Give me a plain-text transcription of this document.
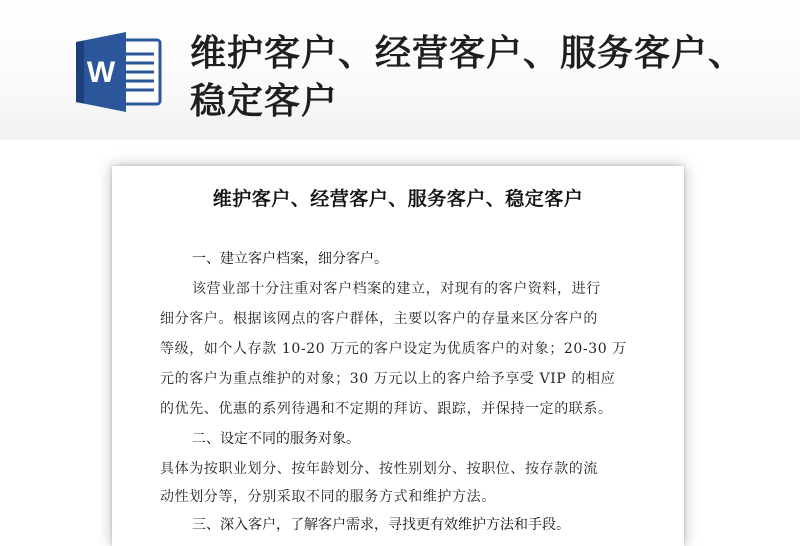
W 维护客户、经营客户、服务客户、稳定客户

维护客户、经营客户、服务客户、稳定客户

一、建立客户档案，细分客户。

该营业部十分注重对客户档案的建立，对现有的客户资料，进行

细分客户。根据该网点的客户群体，主要以客户的存量来区分客户的

等级，如个人存款 10-20 万元的客户设定为优质客户的对象；20-30 万

元的客户为重点维护的对象；30 万元以上的客户给予享受 VIP 的相应

的优先、优惠的系列待遇和不定期的拜访、跟踪，并保持一定的联系。

二、设定不同的服务对象。

具体为按职业划分、按年龄划分、按性别划分、按职位、按存款的流

动性划分等，分别采取不同的服务方式和维护方法。

三、深入客户，了解客户需求，寻找更有效维护方法和手段。
